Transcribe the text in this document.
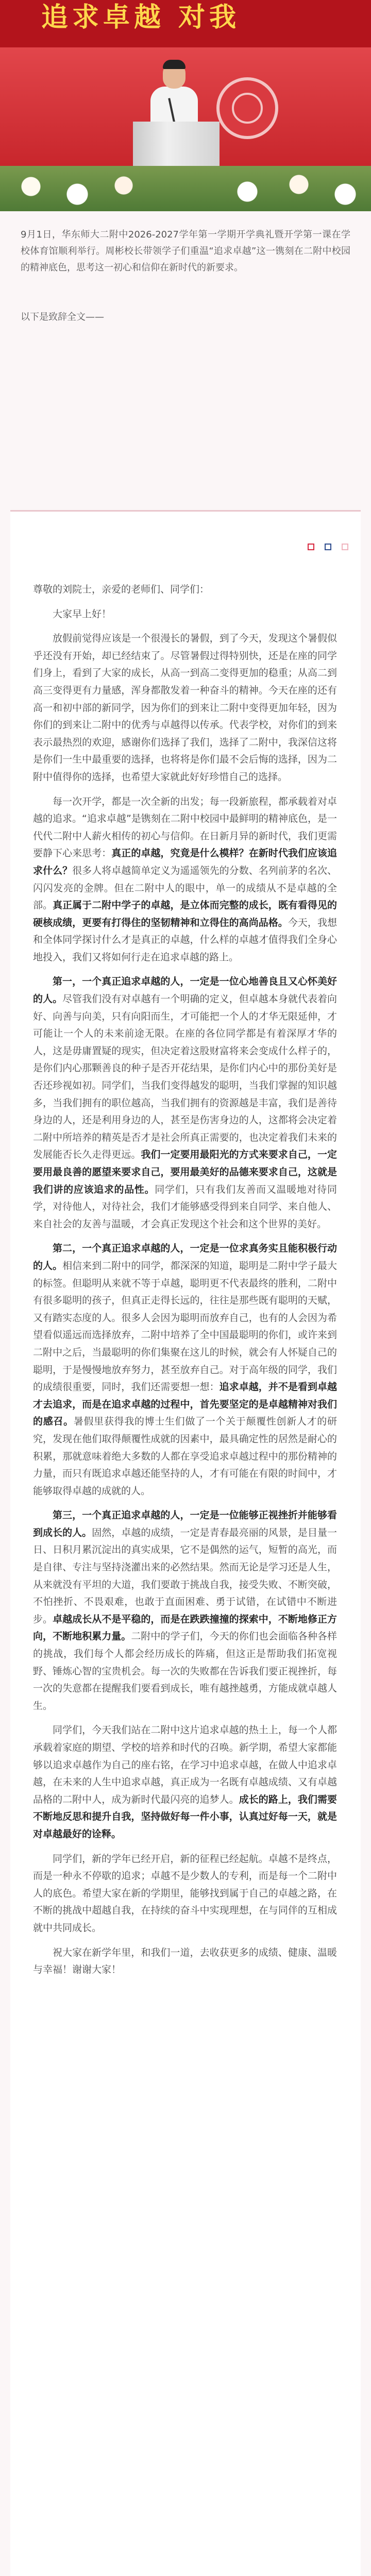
追求卓越 对我
9月1日，华东师大二附中2026-2027学年第一学期开学典礼暨开学第一课在学校体育馆顺利举行。周彬校长带领学子们重温“追求卓越”这一镌刻在二附中校园的精神底色，思考这一初心和信仰在新时代的新要求。
以下是致辞全文——

尊敬的刘院士，亲爱的老师们、同学们：

大家早上好！

放假前觉得应该是一个很漫长的暑假，到了今天，发现这个暑假似乎还没有开始，却已经结束了。尽管暑假过得特别快，还是在座的同学们身上，看到了大家的成长，从高一到高二变得更加的稳重；从高二到高三变得更有力量感，浑身都散发着一种奋斗的精神。今天在座的还有高一和初中部的新同学，因为你们的到来让二附中变得更加年轻，因为你们的到来让二附中的优秀与卓越得以传承。代表学校，对你们的到来表示最热烈的欢迎，感谢你们选择了我们，选择了二附中，我深信这将是你们一生中最重要的选择，也将将是你们最不会后悔的选择，因为二附中值得你的选择，也希望大家就此好好珍惜自己的选择。

每一次开学，都是一次全新的出发；每一段新旅程，都承载着对卓越的追求。“追求卓越”是镌刻在二附中校园中最鲜明的精神底色，是一代代二附中人薪火相传的初心与信仰。在日新月异的新时代，我们更需要静下心来思考：真正的卓越，究竟是什么模样？在新时代我们应该追求什么？很多人将卓越简单定义为遥遥领先的分数、名列前茅的名次、闪闪发亮的金牌。但在二附中人的眼中，单一的成绩从不是卓越的全部。真正属于二附中学子的卓越，是立体而完整的成长，既有看得见的硬核成绩，更要有打得住的坚韧精神和立得住的高尚品格。今天，我想和全体同学探讨什么才是真正的卓越，什么样的卓越才值得我们全身心地投入，我们又将如何行走在追求卓越的路上。

第一，一个真正追求卓越的人，一定是一位心地善良且又心怀美好的人。尽管我们没有对卓越有一个明确的定义，但卓越本身就代表着向好、向善与向美，只有向阳而生，才可能把一个人的才华无限延伸，才可能让一个人的未来前途无限。在座的各位同学都是有着深厚才华的人，这是毋庸置疑的现实，但决定着这股财富将来会变成什么样子的，是你们内心那颗善良的种子是否开花结果，是你们内心中的那份美好是否还珍视如初。同学们，当我们变得越发的聪明，当我们掌握的知识越多，当我们拥有的职位越高，当我们拥有的资源越是丰富，我们是善待身边的人，还是利用身边的人，甚至是伤害身边的人，这都将会决定着二附中所培养的精英是否才是社会所真正需要的，也决定着我们未来的发展能否长久走得更远。我们一定要用最阳光的方式来要求自己，一定要用最良善的愿望来要求自己，要用最美好的品德来要求自己，这就是我们讲的应该追求的品性。同学们，只有我们友善而又温暖地对待同学，对待他人，对待社会，我们才能够感受得到来自同学、来自他人、来自社会的友善与温暖，才会真正发现这个社会和这个世界的美好。

第二，一个真正追求卓越的人，一定是一位求真务实且能积极行动的人。相信来到二附中的同学，都深深的知道，聪明是二附中学子最大的标签。但聪明从来就不等于卓越，聪明更不代表最终的胜利，二附中有很多聪明的孩子，但真正走得长远的，往往是那些既有聪明的天赋，又有踏实态度的人。很多人会因为聪明而放弃自己，也有的人会因为希望看似遥远而选择放弃，二附中培养了全中国最聪明的你们，或许来到二附中之后，当最聪明的你们集聚在这儿的时候，就会有人怀疑自己的聪明，于是慢慢地放弃努力，甚至放弃自己。对于高年级的同学，我们的成绩很重要，同时，我们还需要想一想：追求卓越，并不是看到卓越才去追求，而是在追求卓越的过程中，首先要坚定的是卓越精神对我们的感召。暑假里获得我的博士生们做了一个关于颠覆性创新人才的研究，发现在他们取得颠覆性成就的因素中，最具确定性的居然是耐心的积累，那就意味着绝大多数的人都在享受追求卓越过程中的那份精神的力量，而只有既追求卓越还能坚持的人，才有可能在有限的时间中，才能够取得卓越的成就的人。

第三，一个真正追求卓越的人，一定是一位能够正视挫折并能够看到成长的人。固然，卓越的成绩，一定是青春最亮丽的风景，是目量一日、日积月累沉淀出的真实成果，它不是偶然的运气，短暂的高光，而是自律、专注与坚持浇灌出来的必然结果。然而无论是学习还是人生，从来就没有平坦的大道，我们要敢于挑战自我，接受失败、不断突破，不怕挫折、不畏艰难，也敢于直面困难、勇于试错，在试错中不断进步。卓越成长从不是平稳的，而是在跌跌撞撞的探索中，不断地修正方向，不断地积累力量。二附中的学子们，今天的你们也会面临各种各样的挑战，我们每个人都会经历成长的阵痛，但这正是帮助我们拓宽视野、锤炼心智的宝贵机会。每一次的失败都在告诉我们要正视挫折，每一次的失意都在提醒我们要看到成长，唯有越挫越勇，方能成就卓越人生。

同学们，今天我们站在二附中这片追求卓越的热土上，每一个人都承载着家庭的期望、学校的培养和时代的召唤。新学期，希望大家都能够以追求卓越作为自己的座右铭，在学习中追求卓越，在做人中追求卓越，在未来的人生中追求卓越，真正成为一名既有卓越成绩、又有卓越品格的二附中人，成为新时代最闪亮的追梦人。成长的路上，我们需要不断地反思和提升自我，坚持做好每一件小事，认真过好每一天，就是对卓越最好的诠释。

同学们，新的学年已经开启，新的征程已经起航。卓越不是终点，而是一种永不停歇的追求；卓越不是少数人的专利，而是每一个二附中人的底色。希望大家在新的学期里，能够找到属于自己的卓越之路，在不断的挑战中超越自我，在持续的奋斗中实现理想，在与同伴的互相成就中共同成长。

祝大家在新学年里，和我们一道，去收获更多的成绩、健康、温暖与幸福！谢谢大家！
